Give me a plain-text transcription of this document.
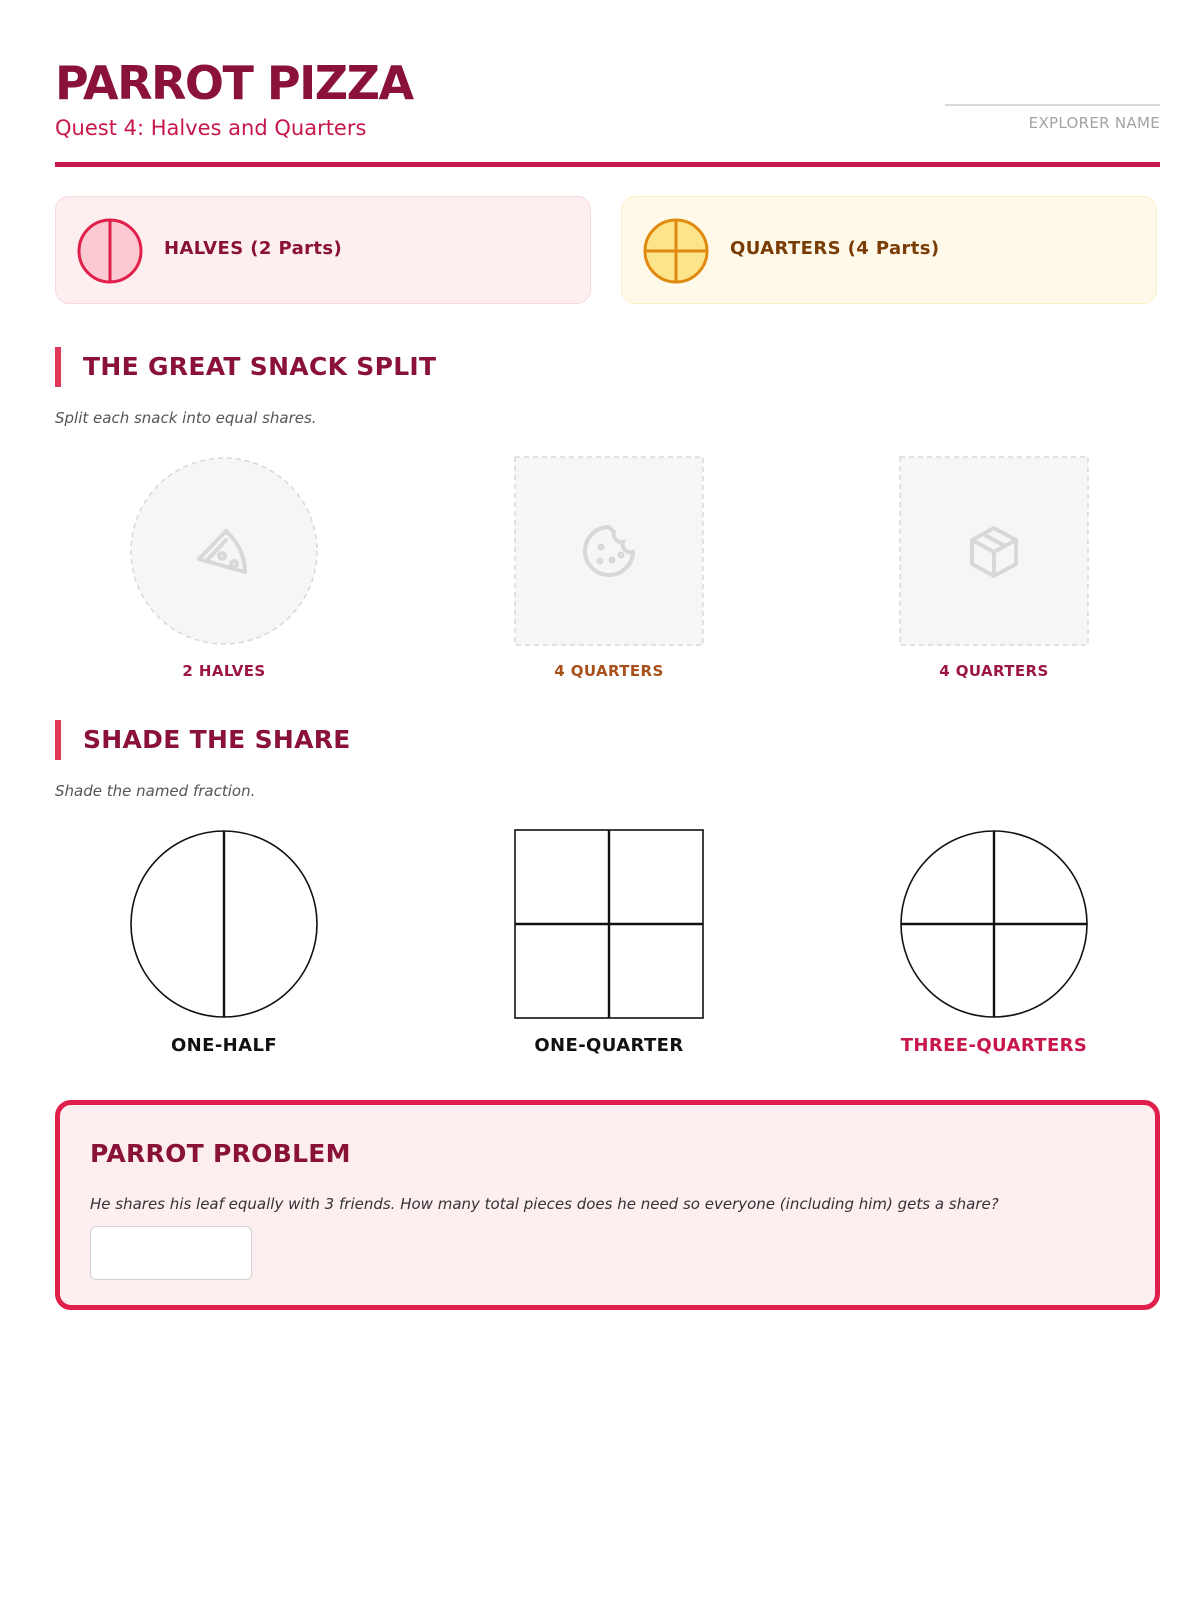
PARROT PIZZA
Quest 4: Halves and Quarters	EXPLORER NAME
HALVES (2 Parts)	QUARTERS (4 Parts)
THE GREAT SNACK SPLIT
Split each snack into equal shares.
2 HALVES	4 QUARTERS	4 QUARTERS
SHADE THE SHARE
Shade the named fraction.
ONE-HALF	ONE-QUARTER	THREE-QUARTERS
PARROT PROBLEM
He shares his leaf equally with 3 friends. How many total pieces does he need so everyone (including him) gets a share?
